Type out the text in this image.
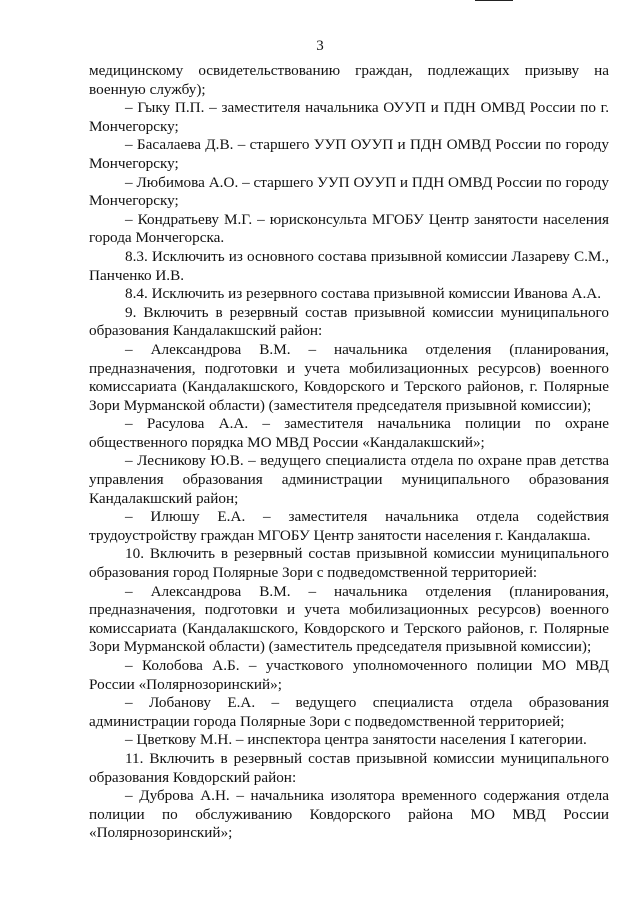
3

медицинскому освидетельствованию граждан, подлежащих призыву на военную службу);

– Гыку П.П. – заместителя начальника ОУУП и ПДН ОМВД России по г. Мончегорску;

– Басалаева Д.В. – старшего УУП ОУУП и ПДН ОМВД России по городу Мончегорску;

– Любимова А.О. – старшего УУП ОУУП и ПДН ОМВД России по городу Мончегорску;

– Кондратьеву М.Г. – юрисконсульта МГОБУ Центр занятости населения города Мончегорска.

8.3. Исключить из основного состава призывной комиссии Лазареву С.М., Панченко И.В.

8.4. Исключить из резервного состава призывной комиссии Иванова А.А.

9. Включить в резервный состав призывной комиссии муниципального образования Кандалакшский район:

– Александрова В.М. – начальника отделения (планирования, предназначения, подготовки и учета мобилизационных ресурсов) военного комиссариата (Кандалакшского, Ковдорского и Терского районов, г. Полярные Зори Мурманской области) (заместителя председателя призывной комиссии);

– Расулова А.А. – заместителя начальника полиции по охране общественного порядка МО МВД России «Кандалакшский»;

– Лесникову Ю.В. – ведущего специалиста отдела по охране прав детства управления образования администрации муниципального образования Кандалакшский район;

– Илюшу Е.А. – заместителя начальника отдела содействия трудоустройству граждан МГОБУ Центр занятости населения г. Кандалакша.

10. Включить в резервный состав призывной комиссии муниципального образования город Полярные Зори с подведомственной территорией:

– Александрова В.М. – начальника отделения (планирования, предназначения, подготовки и учета мобилизационных ресурсов) военного комиссариата (Кандалакшского, Ковдорского и Терского районов, г. Полярные Зори Мурманской области) (заместитель председателя призывной комиссии);

– Колобова А.Б. – участкового уполномоченного полиции МО МВД России «Полярнозоринский»;

– Лобанову Е.А. – ведущего специалиста отдела образования администрации города Полярные Зори с подведомственной территорией;

– Цветкову М.Н. – инспектора центра занятости населения I категории.

11. Включить в резервный состав призывной комиссии муниципального образования Ковдорский район:

– Дуброва А.Н. – начальника изолятора временного содержания отдела полиции по обслуживанию Ковдорского района МО МВД России «Полярнозоринский»;
